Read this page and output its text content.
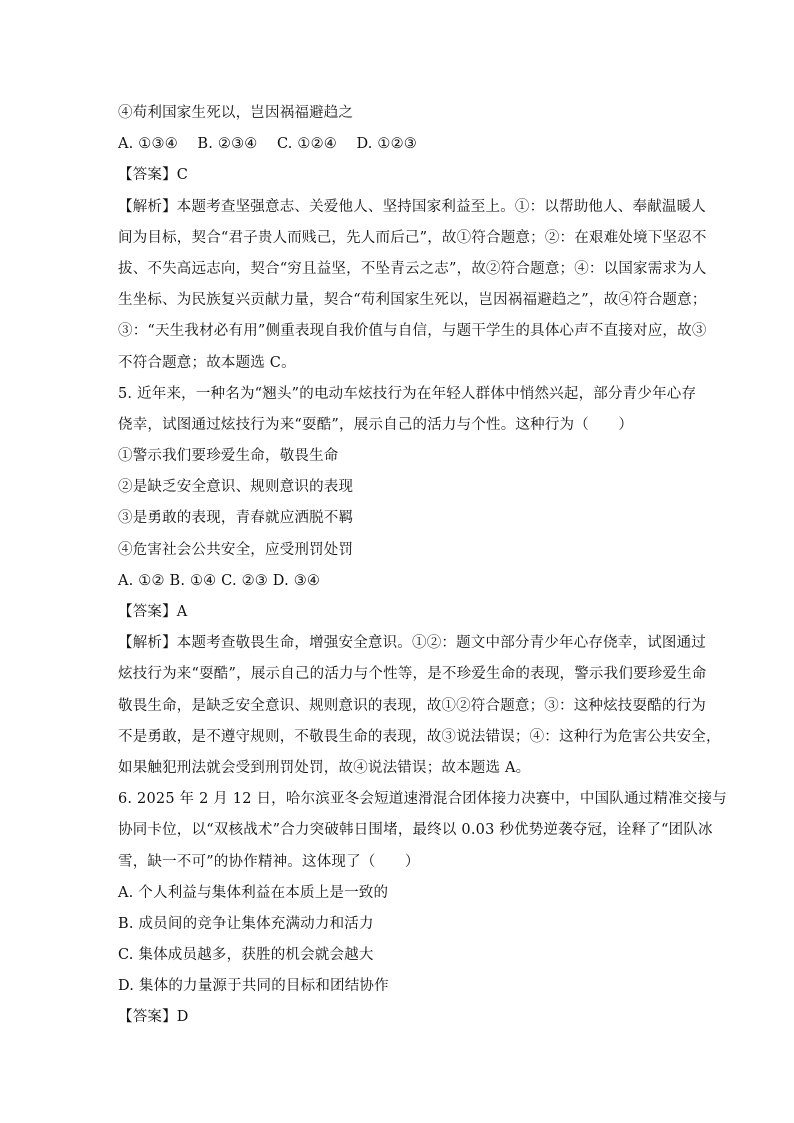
④苟利国家生死以，岂因祸福避趋之
A. ①③④　 B. ②③④　 C. ①②④　 D. ①②③
【答案】C
【解析】本题考查坚强意志、关爱他人、坚持国家利益至上。①：以帮助他人、奉献温暖人
间为目标，契合“君子贵人而贱己，先人而后己”，故①符合题意；②：在艰难处境下坚忍不
拔、不失高远志向，契合“穷且益坚，不坠青云之志”，故②符合题意；④：以国家需求为人
生坐标、为民族复兴贡献力量，契合“苟利国家生死以，岂因祸福避趋之”，故④符合题意；
③：“天生我材必有用”侧重表现自我价值与自信，与题干学生的具体心声不直接对应，故③
不符合题意；故本题选 C。
5. 近年来，一种名为“翘头”的电动车炫技行为在年轻人群体中悄然兴起，部分青少年心存
侥幸，试图通过炫技行为来“耍酷”，展示自己的活力与个性。这种行为（　　）
①警示我们要珍爱生命，敬畏生命
②是缺乏安全意识、规则意识的表现
③是勇敢的表现，青春就应洒脱不羁
④危害社会公共安全，应受刑罚处罚
A. ①② B. ①④ C. ②③ D. ③④
【答案】A
【解析】本题考查敬畏生命，增强安全意识。①②：题文中部分青少年心存侥幸，试图通过
炫技行为来“耍酷”，展示自己的活力与个性等，是不珍爱生命的表现，警示我们要珍爱生命
敬畏生命，是缺乏安全意识、规则意识的表现，故①②符合题意；③：这种炫技耍酷的行为
不是勇敢，是不遵守规则，不敬畏生命的表现，故③说法错误；④：这种行为危害公共安全，
如果触犯刑法就会受到刑罚处罚，故④说法错误；故本题选 A。
6. 2025 年 2 月 12 日，哈尔滨亚冬会短道速滑混合团体接力决赛中，中国队通过精准交接与
协同卡位，以“双核战术”合力突破韩日围堵，最终以 0.03 秒优势逆袭夺冠，诠释了“团队冰
雪，缺一不可”的协作精神。这体现了（　　）
A. 个人利益与集体利益在本质上是一致的
B. 成员间的竞争让集体充满动力和活力
C. 集体成员越多，获胜的机会就会越大
D. 集体的力量源于共同的目标和团结协作
【答案】D
